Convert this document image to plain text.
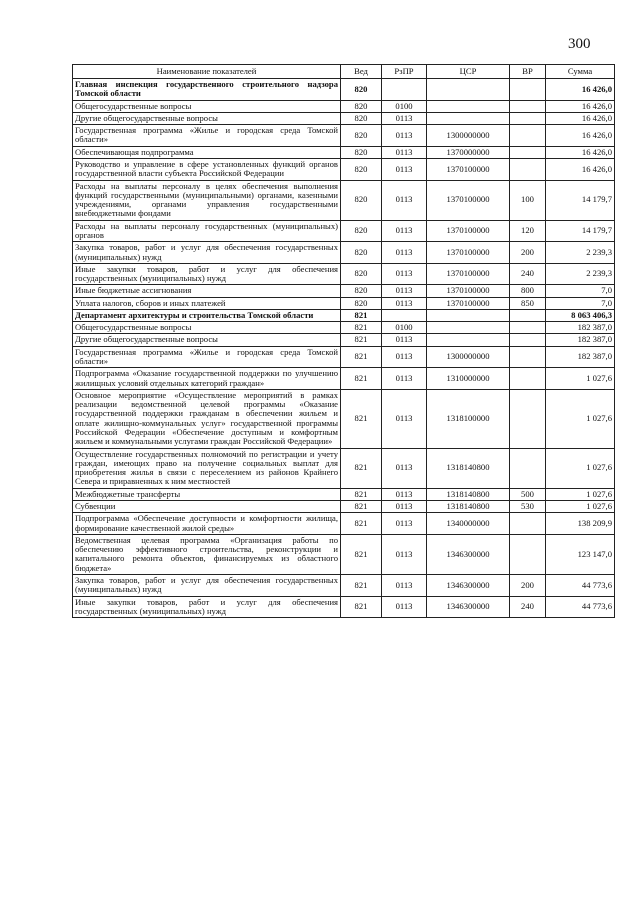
300
Наименование показателей	Вед	РзПР	ЦСР	ВР	Сумма
Главная инспекция государственного строительного надзора Томской области	820				16 426,0
Общегосударственные вопросы	820	0100			16 426,0
Другие общегосударственные вопросы	820	0113			16 426,0
Государственная программа «Жилье и городская среда Томской области»	820	0113	1300000000		16 426,0
Обеспечивающая подпрограмма	820	0113	1370000000		16 426,0
Руководство и управление в сфере установленных функций органов государственной власти субъекта Российской Федерации	820	0113	1370100000		16 426,0
Расходы на выплаты персоналу в целях обеспечения выполнения функций государственными (муниципальными) органами, казенными учреждениями, органами управления государственными внебюджетными фондами	820	0113	1370100000	100	14 179,7
Расходы на выплаты персоналу государственных (муниципальных) органов	820	0113	1370100000	120	14 179,7
Закупка товаров, работ и услуг для обеспечения государственных (муниципальных) нужд	820	0113	1370100000	200	2 239,3
Иные закупки товаров, работ и услуг для обеспечения государственных (муниципальных) нужд	820	0113	1370100000	240	2 239,3
Иные бюджетные ассигнования	820	0113	1370100000	800	7,0
Уплата налогов, сборов и иных платежей	820	0113	1370100000	850	7,0
Департамент архитектуры и строительства Томской области	821				8 063 406,3
Общегосударственные вопросы	821	0100			182 387,0
Другие общегосударственные вопросы	821	0113			182 387,0
Государственная программа «Жилье и городская среда Томской области»	821	0113	1300000000		182 387,0
Подпрограмма «Оказание государственной поддержки по улучшению жилищных условий отдельных категорий граждан»	821	0113	1310000000		1 027,6
Основное мероприятие «Осуществление мероприятий в рамках реализации ведомственной целевой программы «Оказание государственной поддержки гражданам в обеспечении жильем и оплате жилищно-коммунальных услуг» государственной программы Российской Федерации «Обеспечение доступным и комфортным жильем и коммунальными услугами граждан Российской Федерации»	821	0113	1318100000		1 027,6
Осуществление государственных полномочий по регистрации и учету граждан, имеющих право на получение социальных выплат для приобретения жилья в связи с переселением из районов Крайнего Севера и приравненных к ним местностей	821	0113	1318140800		1 027,6
Межбюджетные трансферты	821	0113	1318140800	500	1 027,6
Субвенции	821	0113	1318140800	530	1 027,6
Подпрограмма «Обеспечение доступности и комфортности жилища, формирование качественной жилой среды»	821	0113	1340000000		138 209,9
Ведомственная целевая программа «Организация работы по обеспечению эффективного строительства, реконструкции и капитального ремонта объектов, финансируемых из областного бюджета»	821	0113	1346300000		123 147,0
Закупка товаров, работ и услуг для обеспечения государственных (муниципальных) нужд	821	0113	1346300000	200	44 773,6
Иные закупки товаров, работ и услуг для обеспечения государственных (муниципальных) нужд	821	0113	1346300000	240	44 773,6
